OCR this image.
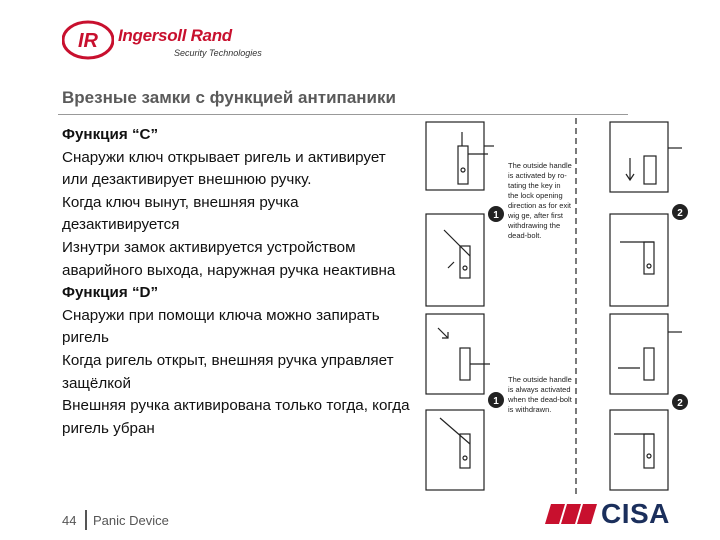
IR Ingersoll Rand
Security Technologies
Врезные замки с функцией антипаники

Функция “C”

Снаружи ключ открывает ригель и активирует или дезактивирует внешнюю ручку.

Когда ключ вынут, внешняя ручка дезактивируется

Изнутри замок активируется устройством аварийного выхода, наружная ручка неактивна

Функция “D”

Снаружи при помощи ключа можно запирать ригель

Когда ригель открыт, внешняя ручка управляет защёлкой

Внешняя ручка активирована только тогда, когда ригель убран

1	2
1	2
The outside handle
is activated by ro-
tating the key in
the lock opening
direction as for exit
wig ge, after first
withdrawing the
dead-bolt.
The outside handle
is always activated
when the dead-bolt
is withdrawn.
44 Panic Device	CISA
